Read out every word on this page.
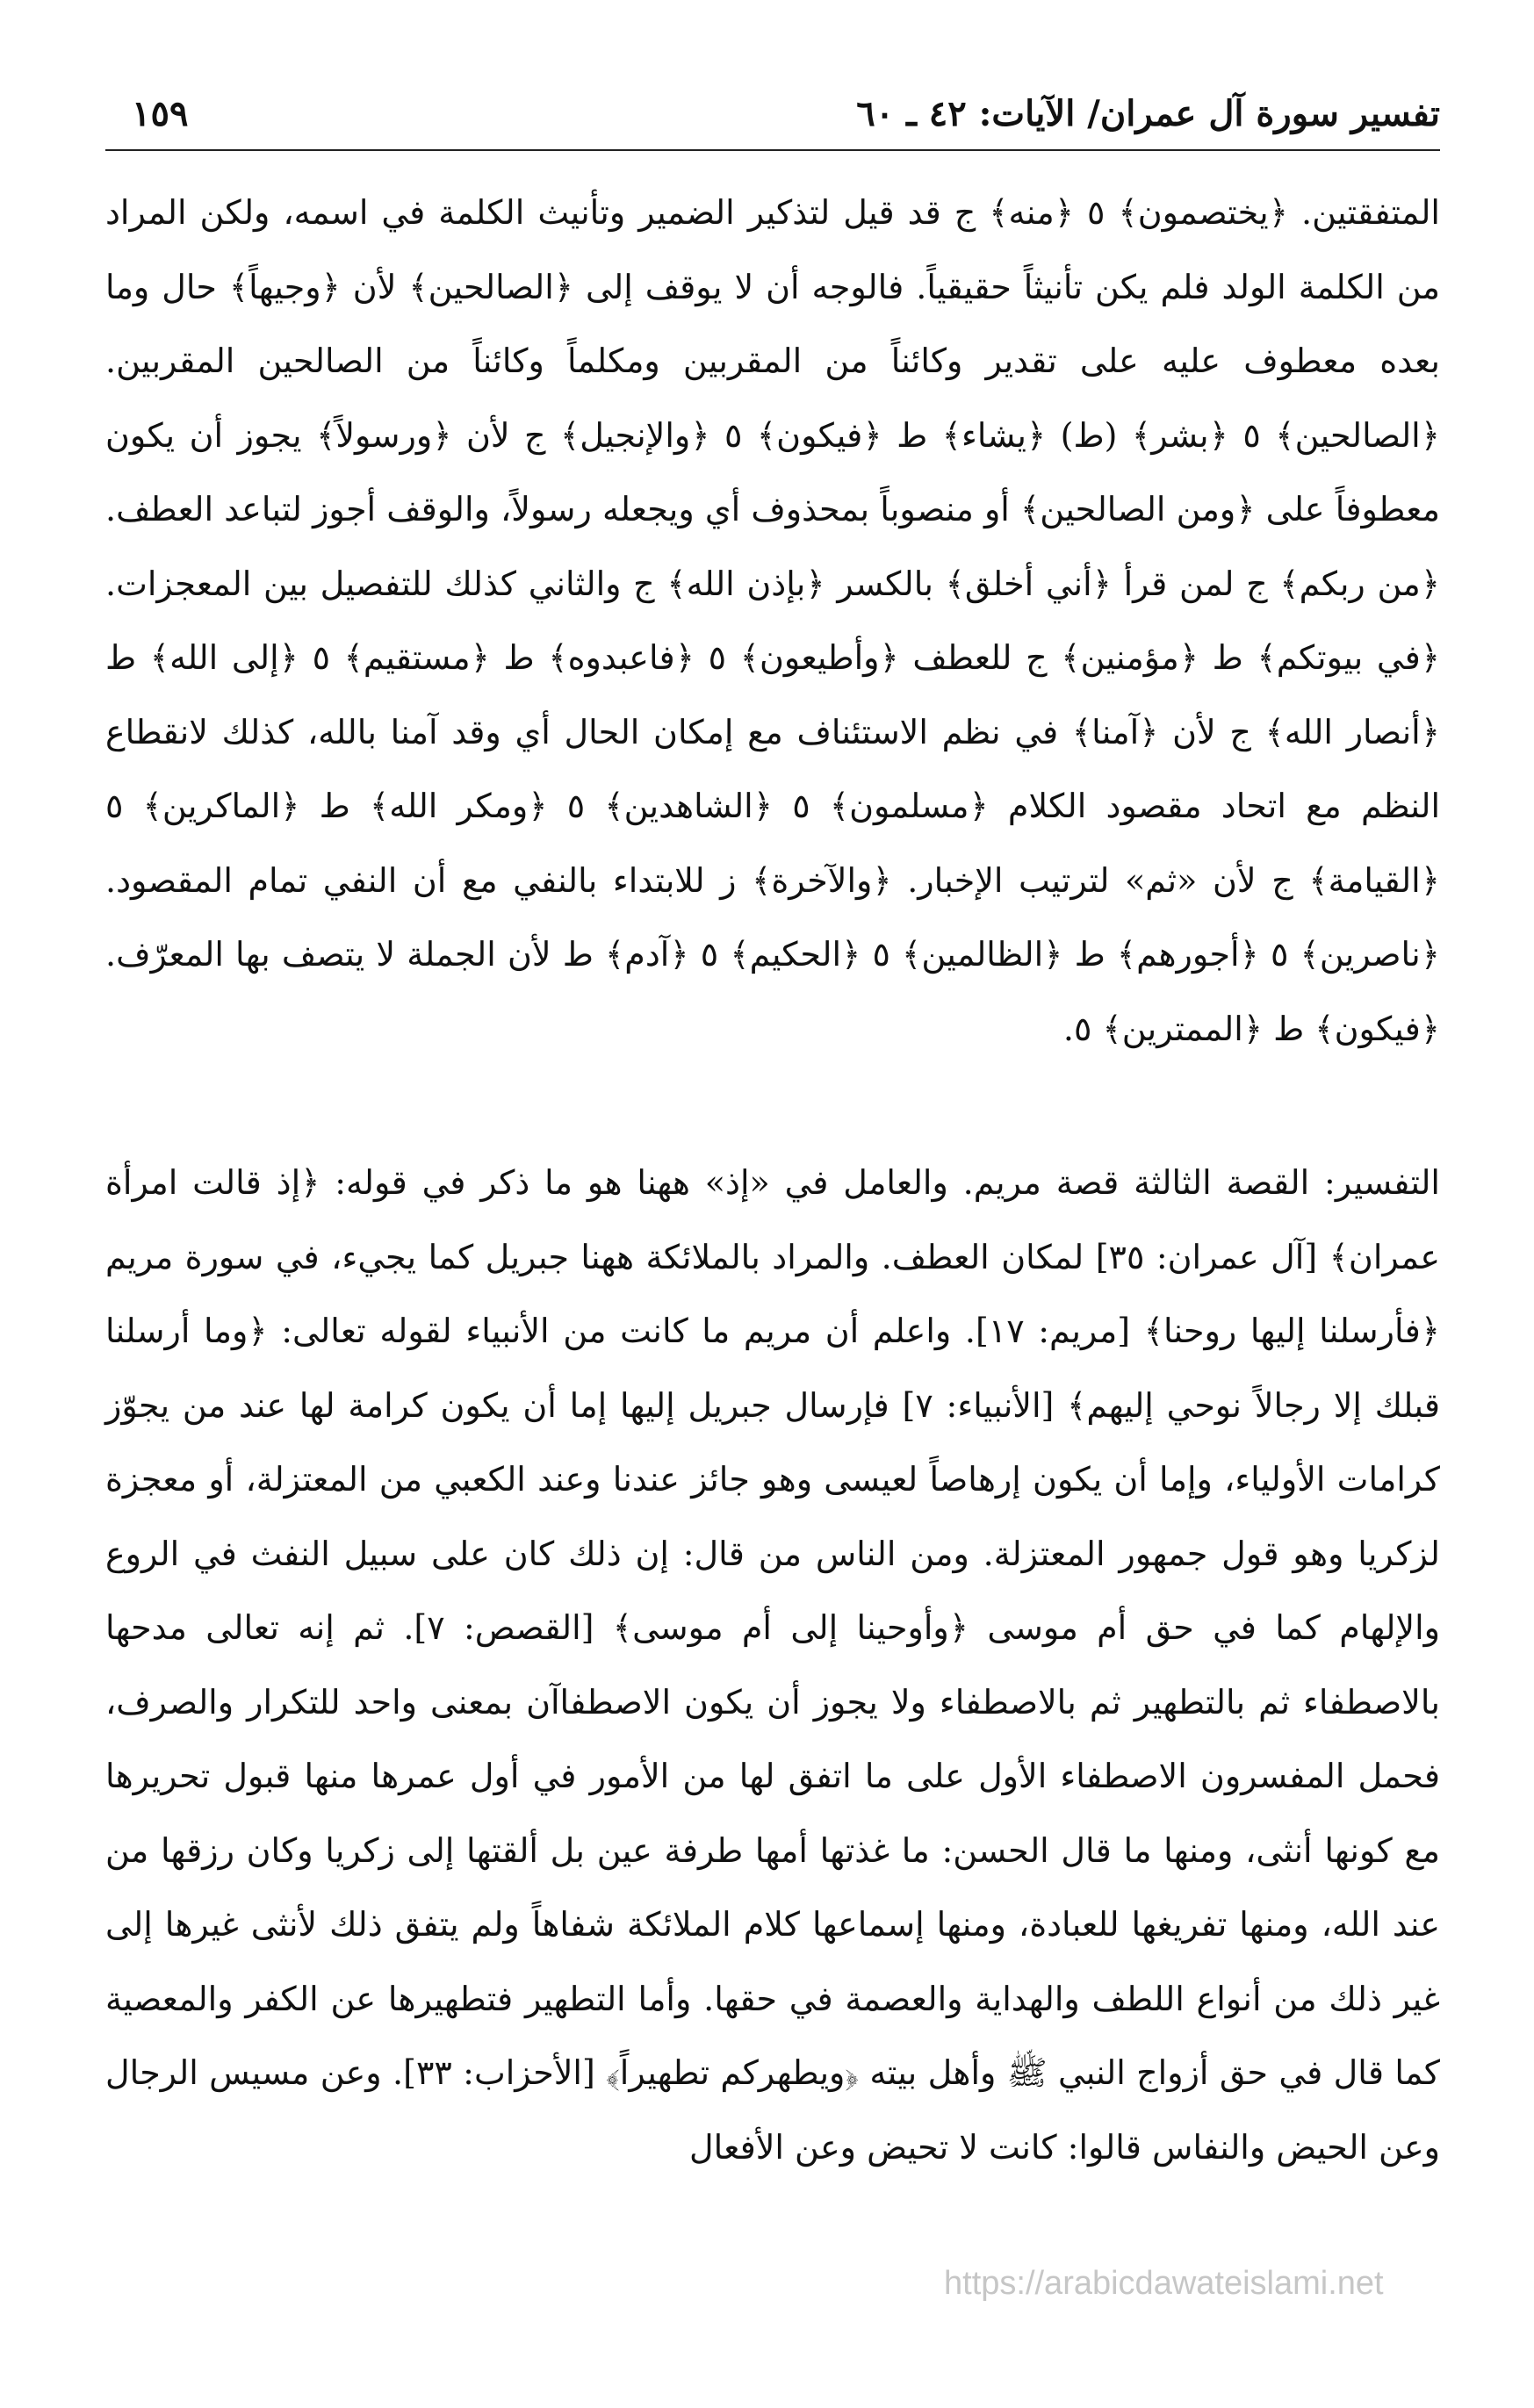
١٥٩	تفسير سورة آل عمران/ الآيات: ٤٢ ـ ٦٠

المتفقتين. ﴿يختصمون﴾ ٥ ﴿منه﴾ ج قد قيل لتذكير الضمير وتأنيث الكلمة في اسمه، ولكن المراد من الكلمة الولد فلم يكن تأنيثاً حقيقياً. فالوجه أن لا يوقف إلى ﴿الصالحين﴾ لأن ﴿وجيهاً﴾ حال وما بعده معطوف عليه على تقدير وكائناً من المقربين ومكلماً وكائناً من الصالحين المقربين. ﴿الصالحين﴾ ٥ ﴿بشر﴾ (ط) ﴿يشاء﴾ ط ﴿فيكون﴾ ٥ ﴿والإنجيل﴾ ج لأن ﴿ورسولاً﴾ يجوز أن يكون معطوفاً على ﴿ومن الصالحين﴾ أو منصوباً بمحذوف أي ويجعله رسولاً، والوقف أجوز لتباعد العطف. ﴿من ربكم﴾ ج لمن قرأ ﴿أني أخلق﴾ بالكسر ﴿بإذن الله﴾ ج والثاني كذلك للتفصيل بين المعجزات. ﴿في بيوتكم﴾ ط ﴿مؤمنين﴾ ج للعطف ﴿وأطيعون﴾ ٥ ﴿فاعبدوه﴾ ط ﴿مستقيم﴾ ٥ ﴿إلى الله﴾ ط ﴿أنصار الله﴾ ج لأن ﴿آمنا﴾ في نظم الاستئناف مع إمكان الحال أي وقد آمنا بالله، كذلك لانقطاع النظم مع اتحاد مقصود الكلام ﴿مسلمون﴾ ٥ ﴿الشاهدين﴾ ٥ ﴿ومكر الله﴾ ط ﴿الماكرين﴾ ٥ ﴿القيامة﴾ ج لأن «ثم» لترتيب الإخبار. ﴿والآخرة﴾ ز للابتداء بالنفي مع أن النفي تمام المقصود. ﴿ناصرين﴾ ٥ ﴿أجورهم﴾ ط ﴿الظالمين﴾ ٥ ﴿الحكيم﴾ ٥ ﴿آدم﴾ ط لأن الجملة لا يتصف بها المعرّف. ﴿فيكون﴾ ط ﴿الممترين﴾ ٥.

التفسير: القصة الثالثة قصة مريم. والعامل في «إذ» ههنا هو ما ذكر في قوله: ﴿إذ قالت امرأة عمران﴾ [آل عمران: ٣٥] لمكان العطف. والمراد بالملائكة ههنا جبريل كما يجيء، في سورة مريم ﴿فأرسلنا إليها روحنا﴾ [مريم: ١٧]. واعلم أن مريم ما كانت من الأنبياء لقوله تعالى: ﴿وما أرسلنا قبلك إلا رجالاً نوحي إليهم﴾ [الأنبياء: ٧] فإرسال جبريل إليها إما أن يكون كرامة لها عند من يجوّز كرامات الأولياء، وإما أن يكون إرهاصاً لعيسى وهو جائز عندنا وعند الكعبي من المعتزلة، أو معجزة لزكريا وهو قول جمهور المعتزلة. ومن الناس من قال: إن ذلك كان على سبيل النفث في الروع والإلهام كما في حق أم موسى ﴿وأوحينا إلى أم موسى﴾ [القصص: ٧]. ثم إنه تعالى مدحها بالاصطفاء ثم بالتطهير ثم بالاصطفاء ولا يجوز أن يكون الاصطفاآن بمعنى واحد للتكرار والصرف، فحمل المفسرون الاصطفاء الأول على ما اتفق لها من الأمور في أول عمرها منها قبول تحريرها مع كونها أنثى، ومنها ما قال الحسن: ما غذتها أمها طرفة عين بل ألقتها إلى زكريا وكان رزقها من عند الله، ومنها تفريغها للعبادة، ومنها إسماعها كلام الملائكة شفاهاً ولم يتفق ذلك لأنثى غيرها إلى غير ذلك من أنواع اللطف والهداية والعصمة في حقها. وأما التطهير فتطهيرها عن الكفر والمعصية كما قال في حق أزواج النبي ﷺ وأهل بيته ﴿ويطهركم تطهيراً﴾ [الأحزاب: ٣٣]. وعن مسيس الرجال وعن الحيض والنفاس قالوا: كانت لا تحيض وعن الأفعال

https://arabicdawateislami.net
